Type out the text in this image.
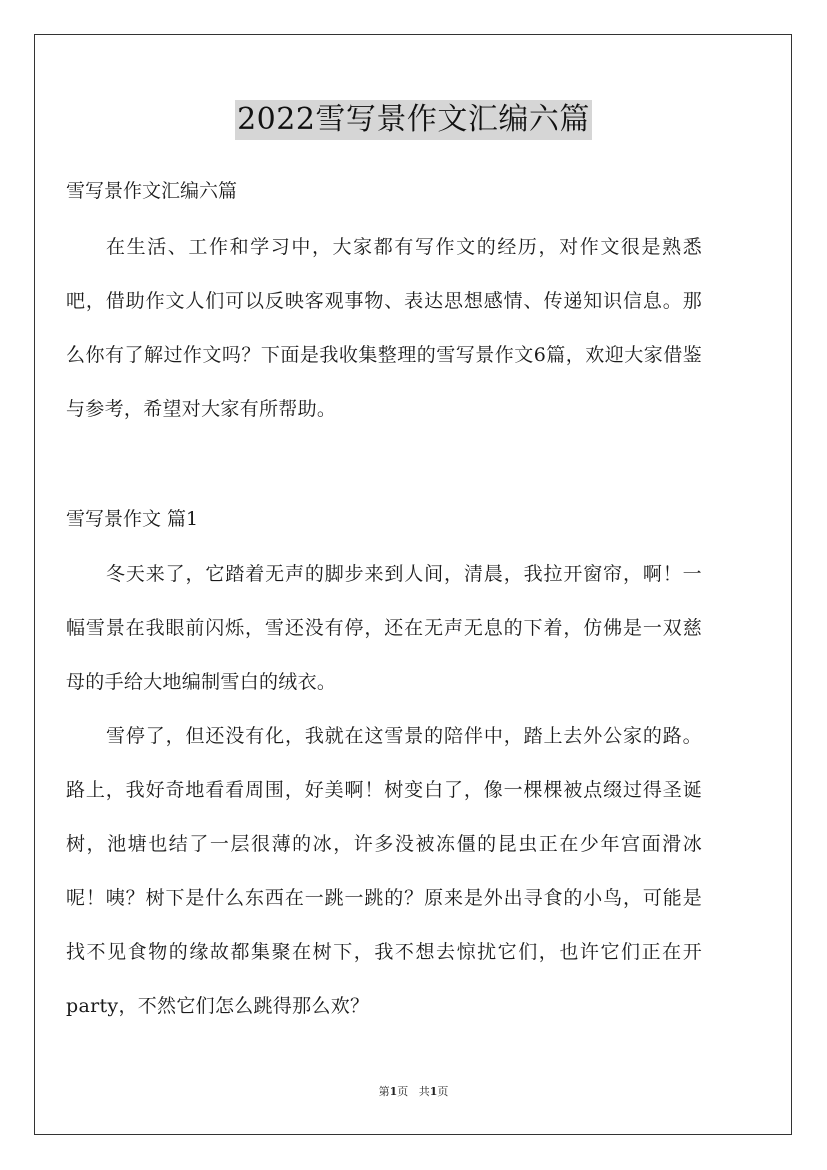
2022雪写景作文汇编六篇
雪写景作文汇编六篇

在生活、工作和学习中，大家都有写作文的经历，对作文很是熟悉吧，借助作文人们可以反映客观事物、表达思想感情、传递知识信息。那么你有了解过作文吗？下面是我收集整理的雪写景作文6篇，欢迎大家借鉴与参考，希望对大家有所帮助。

雪写景作文 篇1

冬天来了，它踏着无声的脚步来到人间，清晨，我拉开窗帘，啊！一幅雪景在我眼前闪烁，雪还没有停，还在无声无息的下着，仿佛是一双慈母的手给大地编制雪白的绒衣。

雪停了，但还没有化，我就在这雪景的陪伴中，踏上去外公家的路。路上，我好奇地看看周围，好美啊！树变白了，像一棵棵被点缀过得圣诞树，池塘也结了一层很薄的冰，许多没被冻僵的昆虫正在少年宫面滑冰呢！咦？树下是什么东西在一跳一跳的？原来是外出寻食的小鸟，可能是找不见食物的缘故都集聚在树下，我不想去惊扰它们，也许它们正在开party，不然它们怎么跳得那么欢？

第1页 共1页
